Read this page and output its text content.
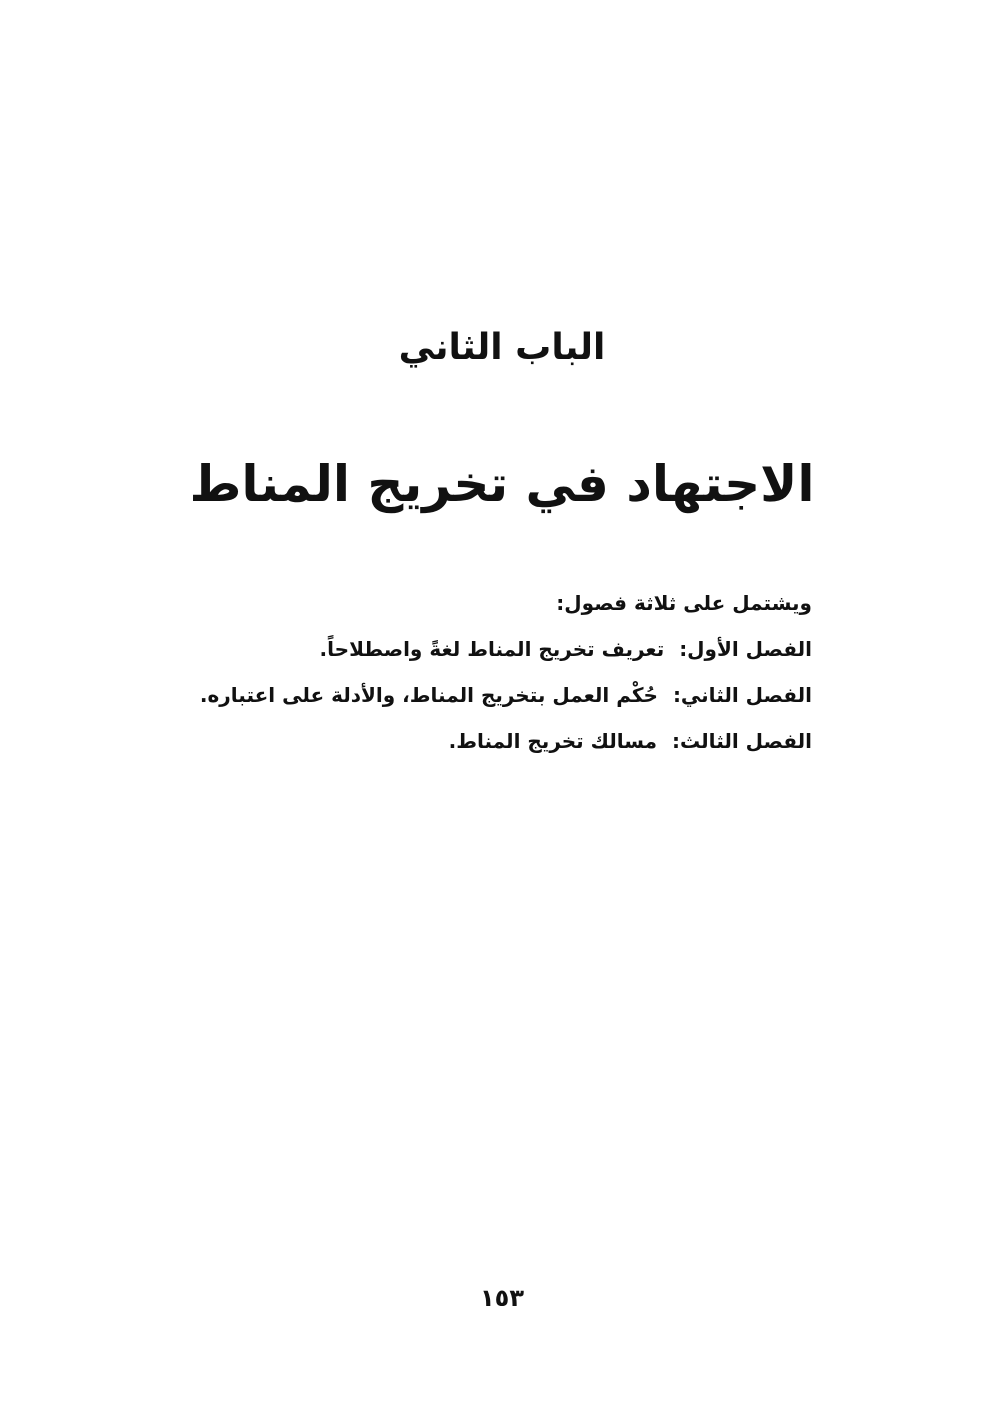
الباب الثاني
الاجتهاد في تخريج المناط
ويشتمل على ثلاثة فصول:
الفصل الأول: تعريف تخريج المناط لغةً واصطلاحاً.
الفصل الثاني: حُكْم العمل بتخريج المناط، والأدلة على اعتباره.
الفصل الثالث: مسالك تخريج المناط.
١٥٣
